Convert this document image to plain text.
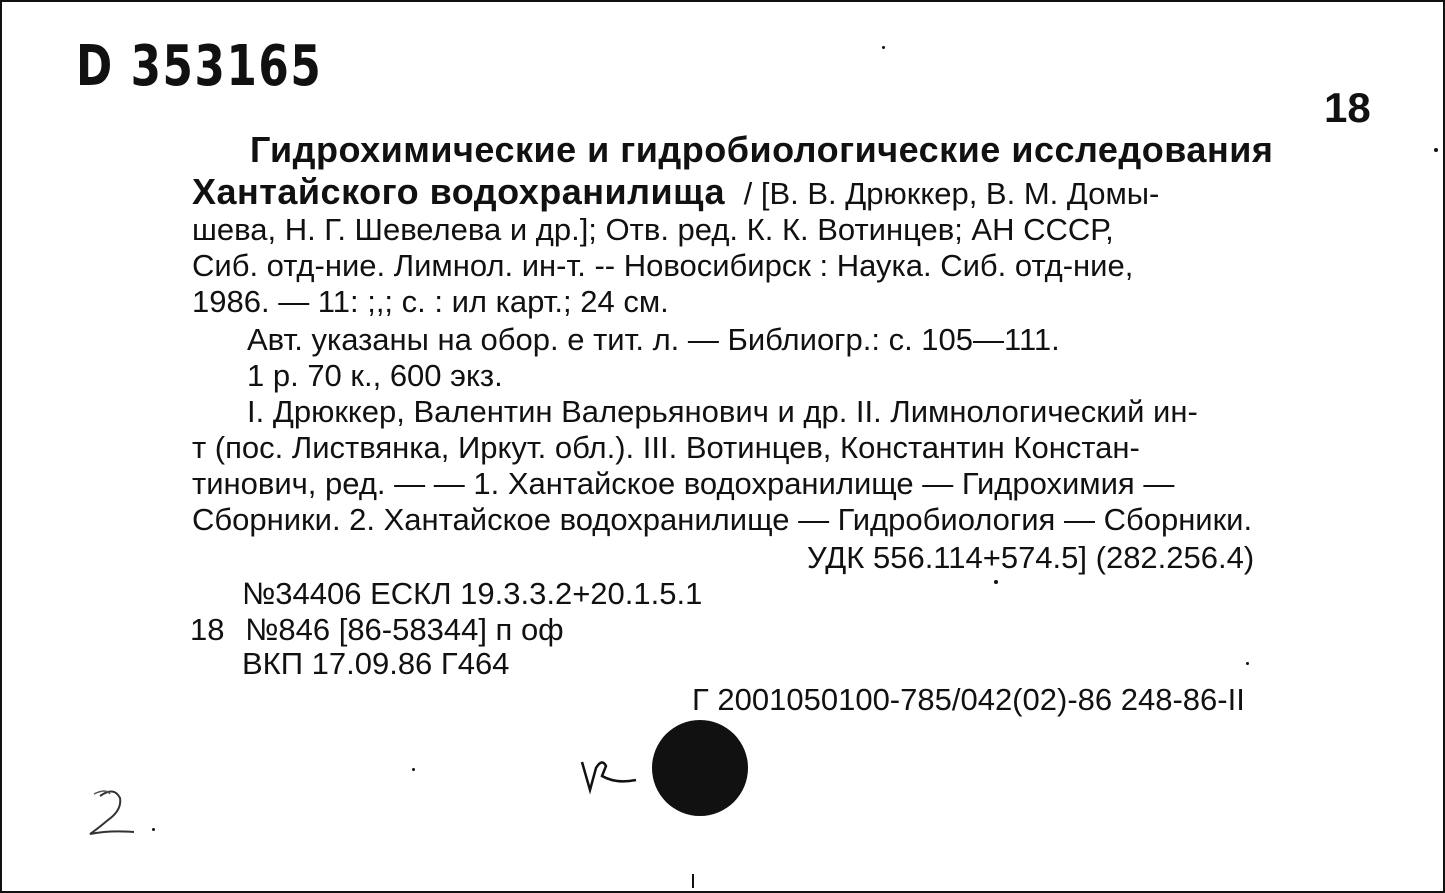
D 353165
18
Гидрохимические и гидробиологические исследования
Хантайского водохранилища / [В. В. Дрюккер, В. М. Домы-
шева, Н. Г. Шевелева и др.]; Отв. ред. К. К. Вотинцев; АН СССР,
Сиб. отд-ние. Лимнол. ин-т. -- Новосибирск : Наука. Сиб. отд-ние,
1986. — 11: ;,; с. : ил карт.; 24 см.
Авт. указаны на обор. е тит. л. — Библиогр.: с. 105—111.
1 р. 70 к., 600 экз.
I. Дрюккер, Валентин Валерьянович и др. II. Лимнологический ин-
т (пос. Листвянка, Иркут. обл.). III. Вотинцев, Константин Констан-
тинович, ред. — — 1. Хантайское водохранилище — Гидрохимия —
Сборники. 2. Хантайское водохранилище — Гидробиология — Сборники.
УДК 556.114+574.5] (282.256.4)
№34406 ЕСКЛ 19.3.3.2+20.1.5.1
18 №846 [86-58344] п оф
ВКП 17.09.86 Г464
Г 2001050100-785/042(02)-86 248-86-II
